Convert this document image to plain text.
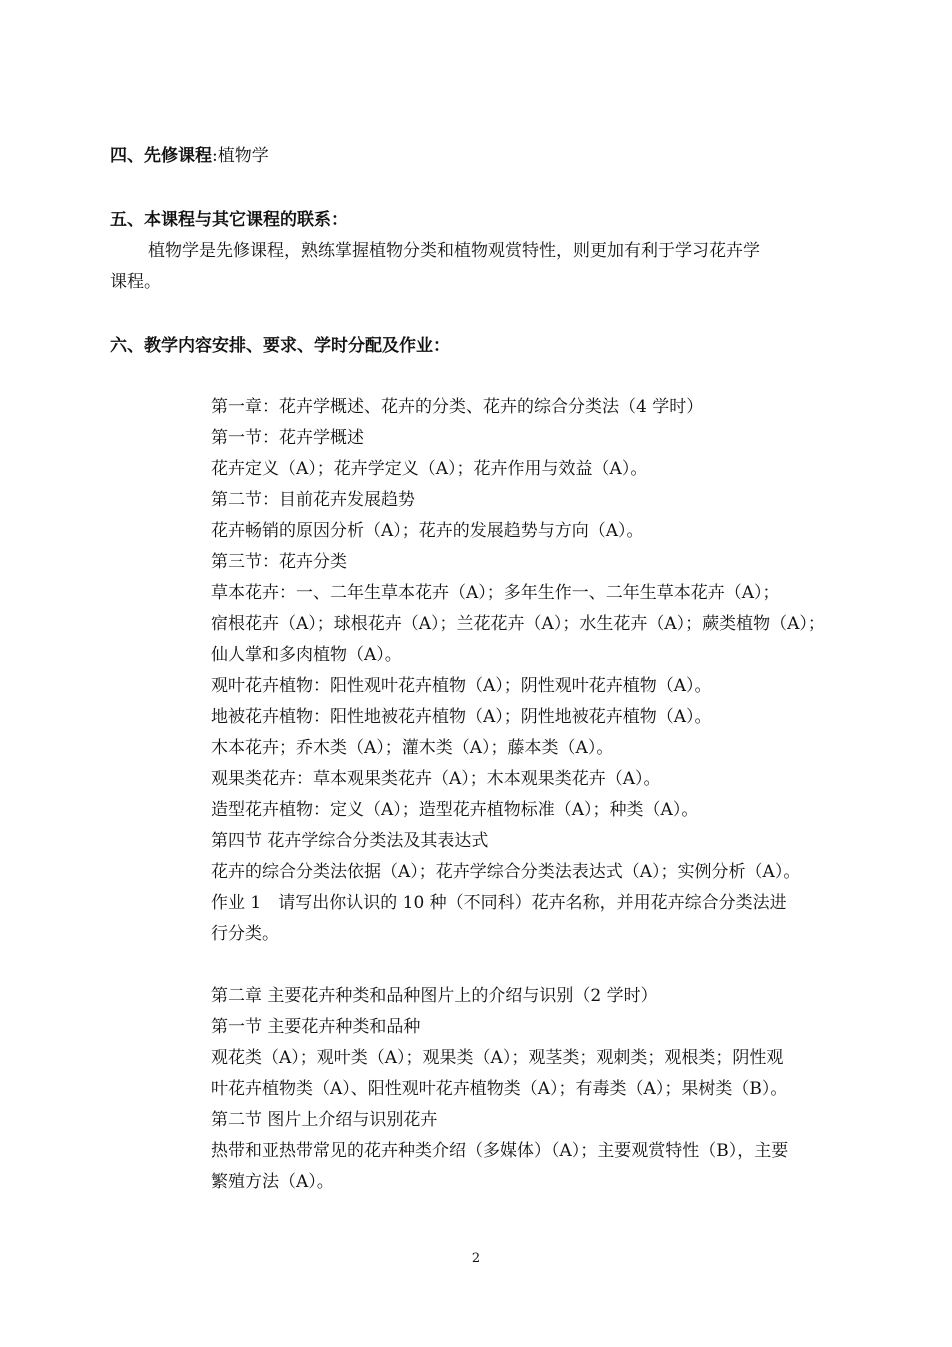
四、先修课程:植物学
五、本课程与其它课程的联系：
植物学是先修课程，熟练掌握植物分类和植物观赏特性，则更加有利于学习花卉学
课程。
六、教学内容安排、要求、学时分配及作业：
第一章：花卉学概述、花卉的分类、花卉的综合分类法（4 学时）
第一节：花卉学概述
花卉定义（A）；花卉学定义（A）；花卉作用与效益（A）。
第二节：目前花卉发展趋势
花卉畅销的原因分析（A）；花卉的发展趋势与方向（A）。
第三节：花卉分类
草本花卉：一、二年生草本花卉（A）；多年生作一、二年生草本花卉（A）；
宿根花卉（A）；球根花卉（A）；兰花花卉（A）；水生花卉（A）；蕨类植物（A）；
仙人掌和多肉植物（A）。
观叶花卉植物：阳性观叶花卉植物（A）；阴性观叶花卉植物（A）。
地被花卉植物：阳性地被花卉植物（A）；阴性地被花卉植物（A）。
木本花卉；乔木类（A）；灌木类（A）；藤本类（A）。
观果类花卉：草本观果类花卉（A）；木本观果类花卉（A）。
造型花卉植物：定义（A）；造型花卉植物标准（A）；种类（A）。
第四节 花卉学综合分类法及其表达式
花卉的综合分类法依据（A）；花卉学综合分类法表达式（A）；实例分析（A）。
作业 1　请写出你认识的 10 种（不同科）花卉名称，并用花卉综合分类法进
行分类。
第二章 主要花卉种类和品种图片上的介绍与识别（2 学时）
第一节 主要花卉种类和品种
观花类（A）；观叶类（A）；观果类（A）；观茎类；观刺类；观根类；阴性观
叶花卉植物类（A）、阳性观叶花卉植物类（A）；有毒类（A）；果树类（B）。
第二节 图片上介绍与识别花卉
热带和亚热带常见的花卉种类介绍（多媒体）（A）；主要观赏特性（B），主要
繁殖方法（A）。
2
